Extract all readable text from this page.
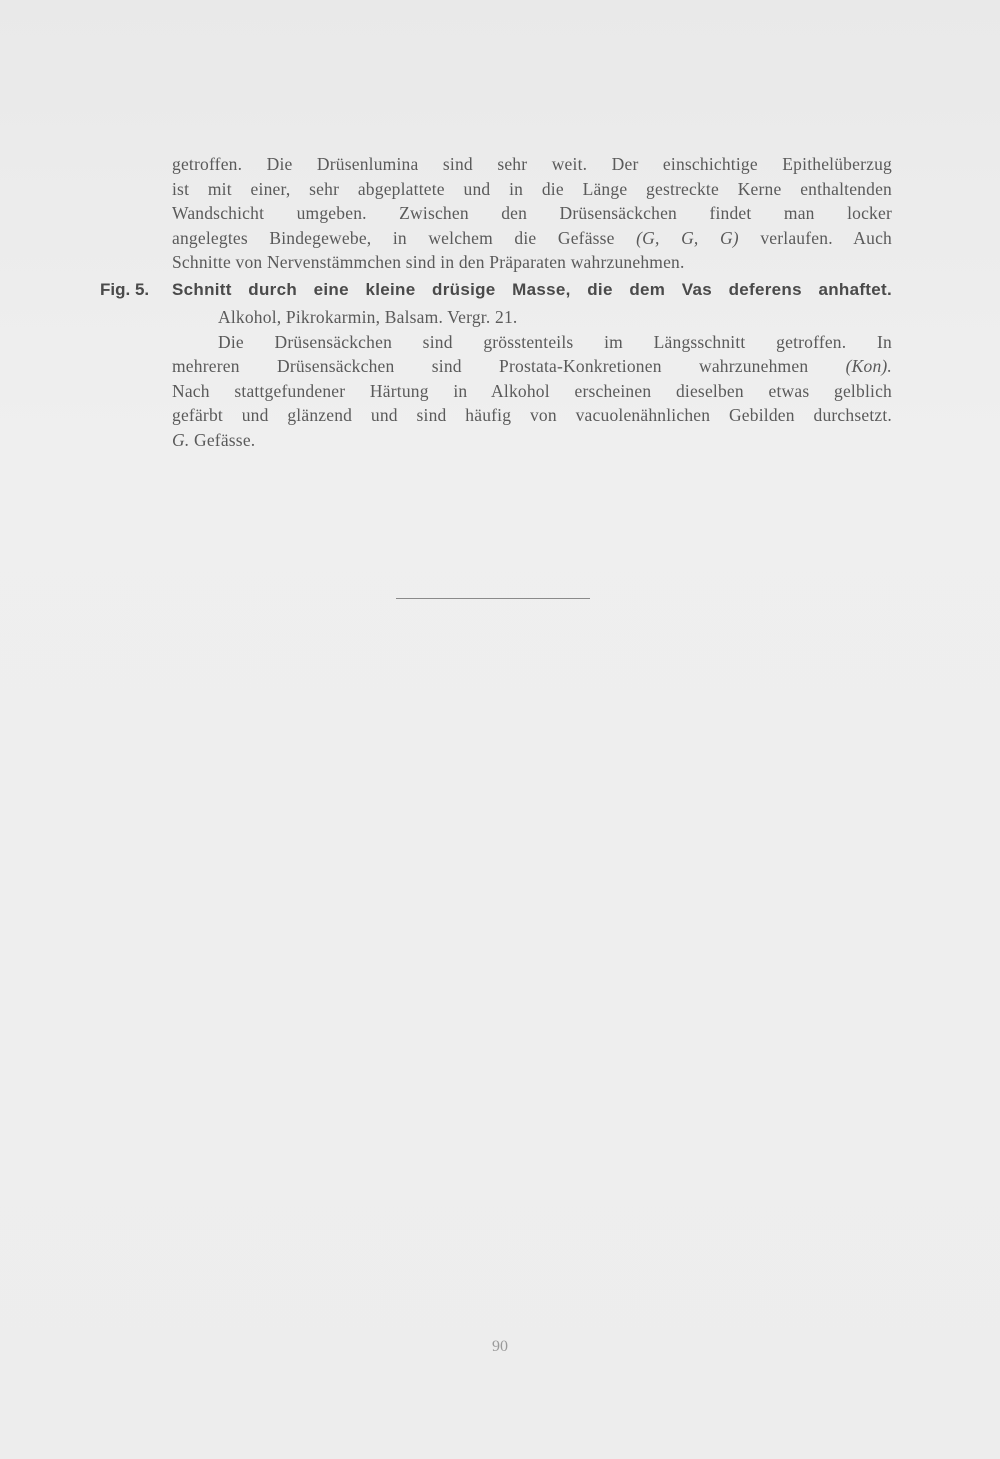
getroffen. Die Drüsenlumina sind sehr weit. Der einschichtige Epithelüberzug
ist mit einer, sehr abgeplattete und in die Länge gestreckte Kerne enthaltenden
Wandschicht umgeben. Zwischen den Drüsensäckchen findet man locker
angelegtes Bindegewebe, in welchem die Gefässe (G, G, G) verlaufen. Auch
Schnitte von Nervenstämmchen sind in den Präparaten wahrzunehmen.
Fig. 5.	Schnitt durch eine kleine drüsige Masse, die dem Vas deferens anhaftet.
Alkohol, Pikrokarmin, Balsam. Vergr. 21.
Die Drüsensäckchen sind grösstenteils im Längsschnitt getroffen. In
mehreren Drüsensäckchen sind Prostata-Konkretionen wahrzunehmen (Kon).
Nach stattgefundener Härtung in Alkohol erscheinen dieselben etwas gelblich
gefärbt und glänzend und sind häufig von vacuolenähnlichen Gebilden durchsetzt.
G. Gefässe.
90
